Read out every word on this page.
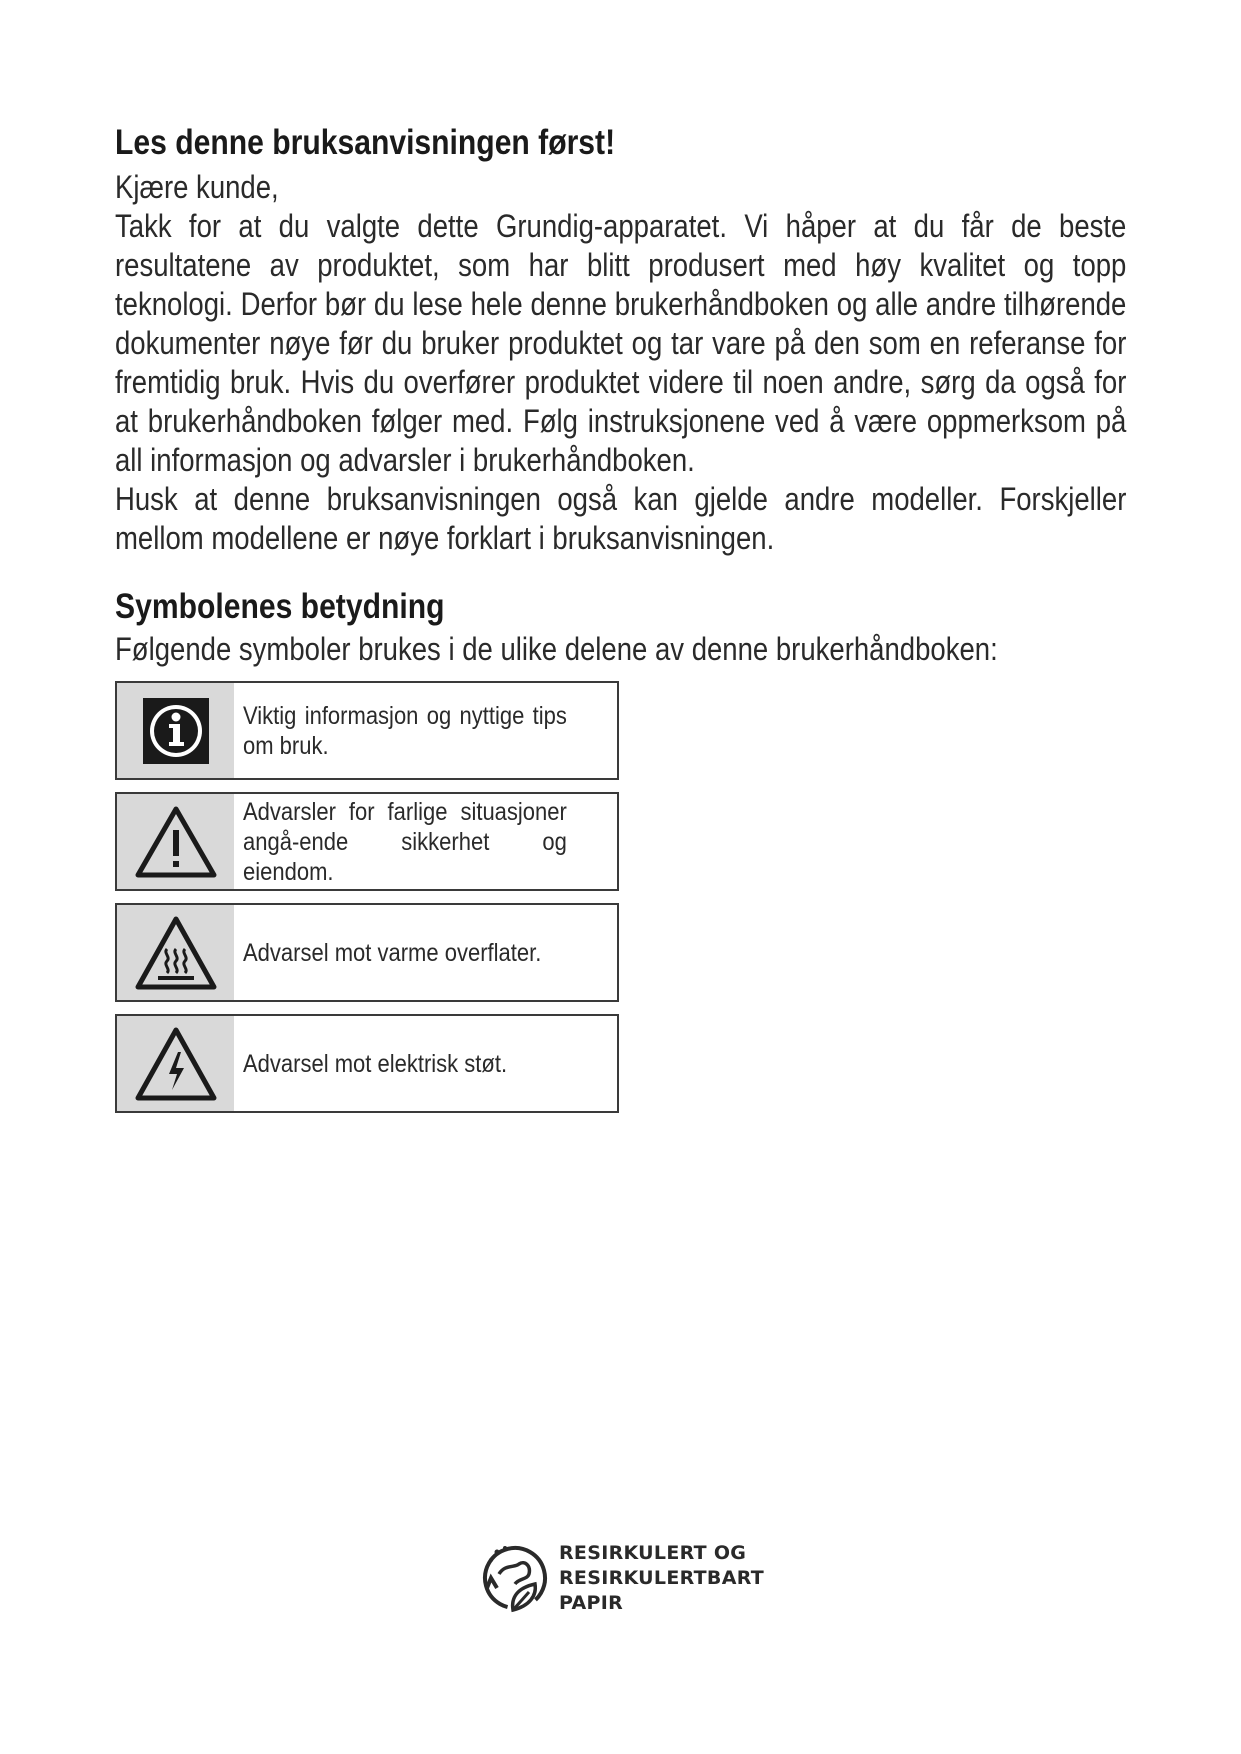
Les denne bruksanvisningen først!
Kjære kunde,
Takk for at du valgte dette Grundig-apparatet. Vi håper at du får de beste resultatene av produktet, som har blitt produsert med høy kvalitet og topp teknologi. Derfor bør du lese hele denne brukerhåndboken og alle andre tilhørende dokumenter nøye før du bruker produktet og tar vare på den som en referanse for fremtidig bruk. Hvis du overfører produktet videre til noen andre, sørg da også for at brukerhåndboken følger med. Følg instruksjonene ved å være oppmerksom på all informasjon og advarsler i brukerhåndboken.
Husk at denne bruksanvisningen også kan gjelde andre modeller. Forskjeller mellom modellene er nøye forklart i bruksanvisningen.
Symbolenes betydning
Følgende symboler brukes i de ulike delene av denne brukerhåndboken:
Viktig informasjon og nyttige tips om bruk.
Advarsler for farlige situasjoner angå-ende sikkerhet og eiendom.
Advarsel mot varme overflater.
Advarsel mot elektrisk støt.
RESIRKULERT OG
RESIRKULERTBART
PAPIR
